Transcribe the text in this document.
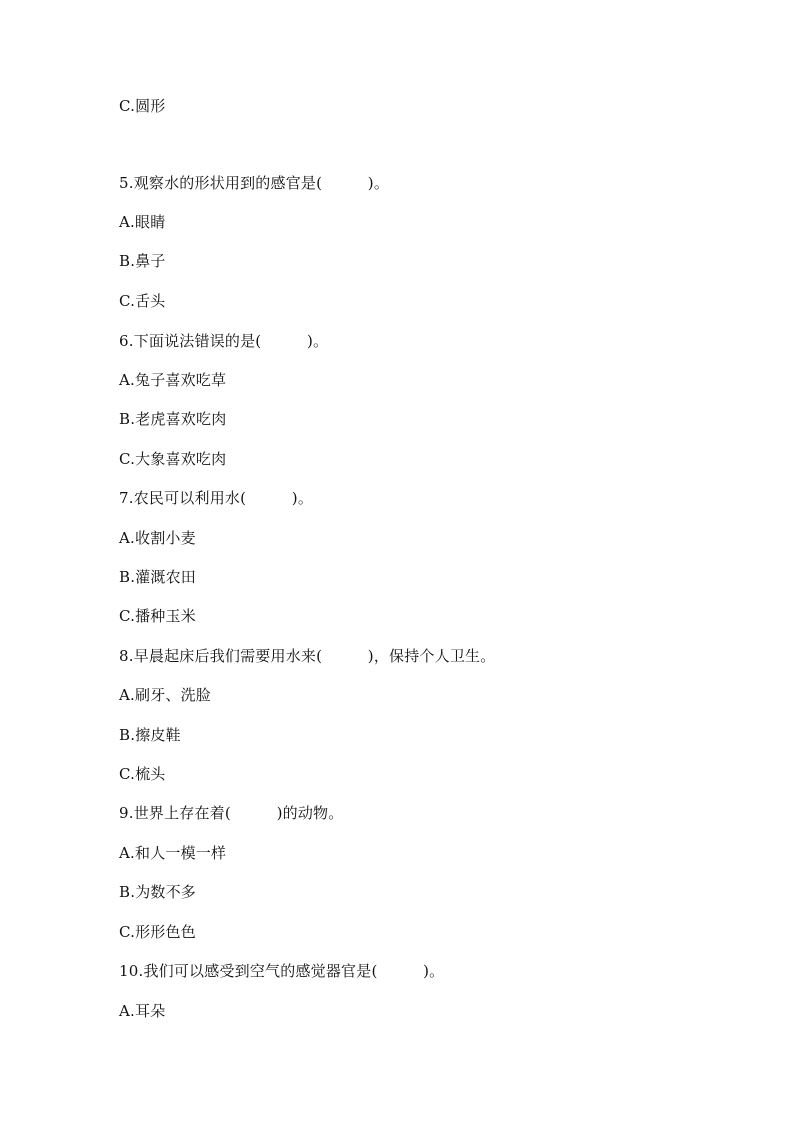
C.圆形
5.观察水的形状用到的感官是(　　　)。
A.眼睛
B.鼻子
C.舌头
6.下面说法错误的是(　　　)。
A.兔子喜欢吃草
B.老虎喜欢吃肉
C.大象喜欢吃肉
7.农民可以利用水(　　　)。
A.收割小麦
B.灌溉农田
C.播种玉米
8.早晨起床后我们需要用水来(　　　)，保持个人卫生。
A.刷牙、洗脸
B.擦皮鞋
C.梳头
9.世界上存在着(　　　)的动物。
A.和人一模一样
B.为数不多
C.形形色色
10.我们可以感受到空气的感觉器官是(　　　)。
A.耳朵
